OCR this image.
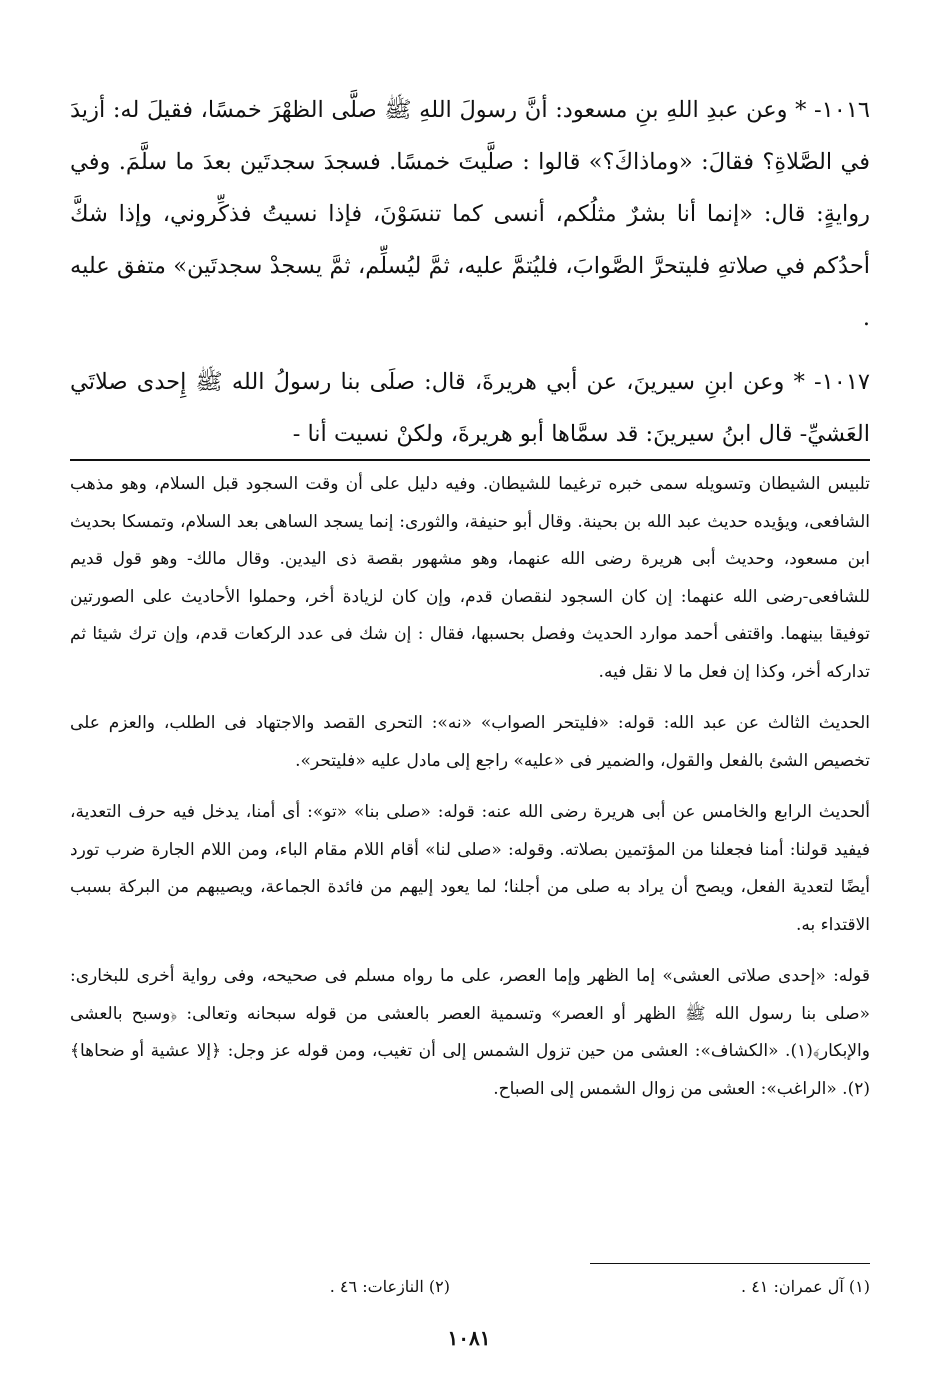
١٠١٦- * وعن عبدِ اللهِ بنِ مسعود: أنَّ رسولَ اللهِ ﷺ صلَّى الظهْرَ خمسًا، فقيلَ له: أزيدَ في الصَّلاةِ؟ فقالَ: «وماذاكَ؟» قالوا : صلَّيتَ خمسًا. فسجدَ سجدتَين بعدَ ما سلَّمَ. وفي روايةٍ: قال: «إنما أنا بشرٌ مثلُكم، أنسى كما تنسَوْنَ، فإذا نسيتُ فذكِّروني، وإذا شكَّ أحدُكم في صلاتهِ فليتحرَّ الصَّوابَ، فليُتمَّ عليه، ثمَّ ليُسلِّم، ثمَّ يسجدْ سجدتَين» متفق عليه .

١٠١٧- * وعن ابنِ سيرينَ، عن أبي هريرةَ، قال: صلَى بنا رسولُ الله ﷺ إِحدى صلاتَي العَشيِّ- قال ابنُ سيرينَ: قد سمَّاها أبو هريرةَ، ولكنْ نسيت أنا -

تلبيس الشيطان وتسويله سمى خبره ترغيما للشيطان. وفيه دليل على أن وقت السجود قبل السلام، وهو مذهب الشافعى، ويؤيده حديث عبد الله بن بحينة. وقال أبو حنيفة، والثورى: إنما يسجد الساهى بعد السلام، وتمسكا بحديث ابن مسعود، وحديث أبى هريرة رضى الله عنهما، وهو مشهور بقصة ذى اليدين. وقال مالك- وهو قول قديم للشافعى-رضى الله عنهما: إن كان السجود لنقصان قدم، وإن كان لزيادة أخر، وحملوا الأحاديث على الصورتين توفيقا بينهما. واقتفى أحمد موارد الحديث وفصل بحسبها، فقال : إن شك فى عدد الركعات قدم، وإن ترك شيئا ثم تداركه أخر، وكذا إن فعل ما لا نقل فيه.

الحديث الثالث عن عبد الله: قوله: «فليتحر الصواب» «نه»: التحرى القصد والاجتهاد فى الطلب، والعزم على تخصيص الشئ بالفعل والقول، والضمير فى «عليه» راجع إلى مادل عليه «فليتحر».

ألحديث الرابع والخامس عن أبى هريرة رضى الله عنه: قوله: «صلى بنا» «تو»: أى أمنا، يدخل فيه حرف التعدية، فيفيد قولنا: أمنا فجعلنا من المؤتمين بصلاته. وقوله: «صلى لنا» أقام اللام مقام الباء، ومن اللام الجارة ضرب تورد أيضًا لتعدية الفعل، ويصح أن يراد به صلى من أجلنا؛ لما يعود إليهم من فائدة الجماعة، ويصيبهم من البركة بسبب الاقتداء به.

قوله: «إحدى صلاتى العشى» إما الظهر وإما العصر، على ما رواه مسلم فى صحيحه، وفى رواية أخرى للبخارى: «صلى بنا رسول الله ﷺ الظهر أو العصر» وتسمية العصر بالعشى من قوله سبحانه وتعالى: ﴿وسبح بالعشى والإبكار﴾(١). «الكشاف»: العشى من حين تزول الشمس إلى أن تغيب، ومن قوله عز وجل: ﴿إلا عشية أو ضحاها﴾(٢). «الراغب»: العشى من زوال الشمس إلى الصباح.

(١) آل عمران: ٤١ .
(٢) النازعات: ٤٦ .
١٠٨١
